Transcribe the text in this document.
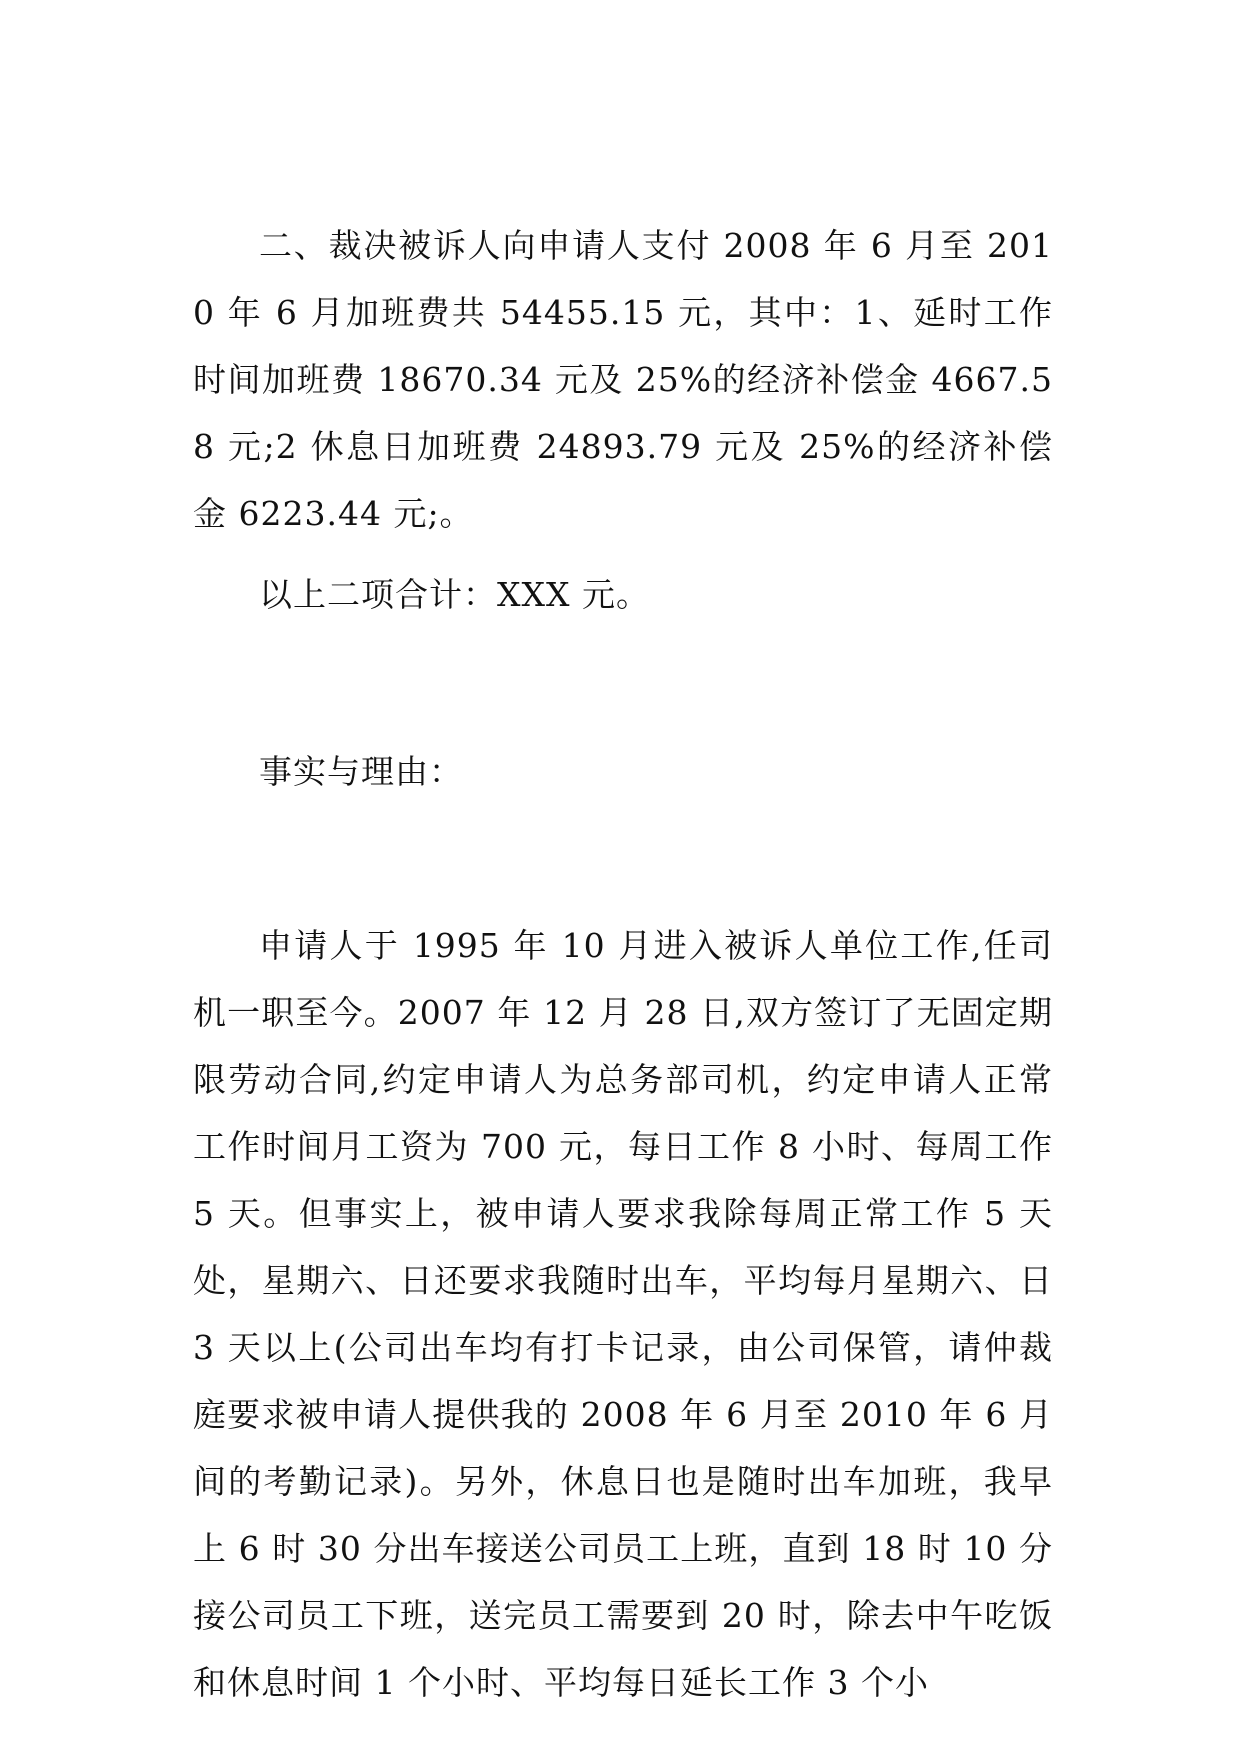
二、裁决被诉人向申请人支付 2008 年 6 月至 2010 年 6 月加班费共 54455.15 元，其中：1、延时工作时间加班费 18670.34 元及 25%的经济补偿金 4667.58 元;2 休息日加班费 24893.79 元及 25%的经济补偿金 6223.44 元;。

以上二项合计：XXX 元。

事实与理由：

申请人于 1995 年 10 月进入被诉人单位工作,任司机一职至今。2007 年 12 月 28 日,双方签订了无固定期限劳动合同,约定申请人为总务部司机，约定申请人正常工作时间月工资为 700 元，每日工作 8 小时、每周工作 5 天。但事实上，被申请人要求我除每周正常工作 5 天处，星期六、日还要求我随时出车，平均每月星期六、日 3 天以上(公司出车均有打卡记录，由公司保管，请仲裁庭要求被申请人提供我的 2008 年 6 月至 2010 年 6 月间的考勤记录)。另外，休息日也是随时出车加班，我早上 6 时 30 分出车接送公司员工上班，直到 18 时 10 分接公司员工下班，送完员工需要到 20 时，除去中午吃饭和休息时间 1 个小时、平均每日延长工作 3 个小
